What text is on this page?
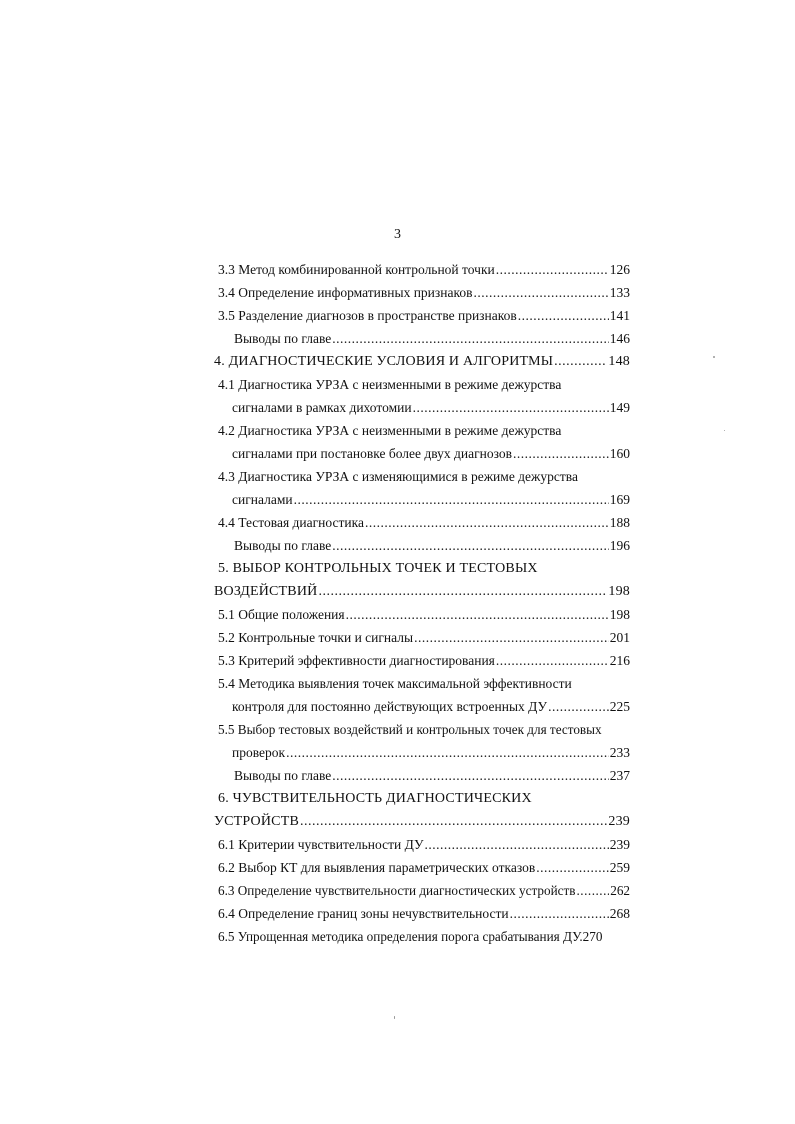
3
3.3 Метод комбинированной контрольной точки .....	126
3.4 Определение информативных признаков .....	133
3.5 Разделение диагнозов в пространстве признаков .....	141
Выводы по главе .....	146
4. ДИАГНОСТИЧЕСКИЕ УСЛОВИЯ И АЛГОРИТМЫ .....	148
4.1 Диагностика УРЗА с неизменными в режиме дежурства
сигналами в рамках дихотомии .....	149
4.2 Диагностика УРЗА с неизменными в режиме дежурства
сигналами при постановке более двух диагнозов .....	160
4.3 Диагностика УРЗА с изменяющимися в режиме дежурства
сигналами .....	169
4.4 Тестовая диагностика .....	188
Выводы по главе .....	196
5. ВЫБОР КОНТРОЛЬНЫХ ТОЧЕК И ТЕСТОВЫХ
ВОЗДЕЙСТВИЙ .....	198
5.1 Общие положения .....	198
5.2 Контрольные точки и сигналы .....	201
5.3 Критерий эффективности диагностирования .....	216
5.4 Методика выявления точек максимальной эффективности
контроля для постоянно действующих встроенных ДУ .....	225
5.5 Выбор тестовых воздействий и контрольных точек для тестовых
проверок .....	233
Выводы по главе .....	237
6. ЧУВСТВИТЕЛЬНОСТЬ ДИАГНОСТИЧЕСКИХ
УСТРОЙСТВ .....	239
6.1 Критерии чувствительности ДУ .....	239
6.2 Выбор КТ для выявления параметрических отказов .....	259
6.3 Определение чувствительности диагностических устройств .....	262
6.4 Определение границ зоны нечувствительности .....	268
6.5 Упрощенная методика определения порога срабатывания ДУ.270
